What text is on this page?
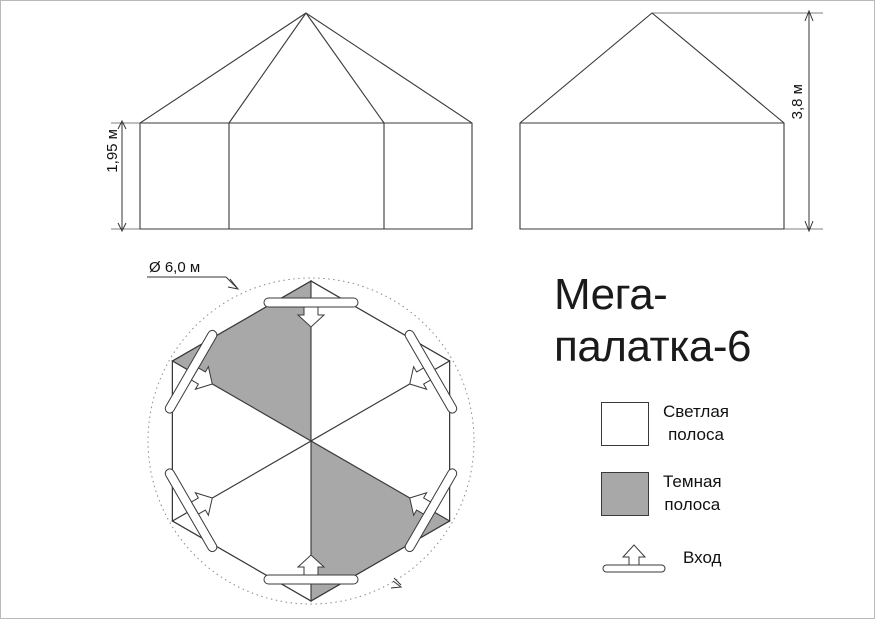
1,95 м
3,8 м
Ø 6,0 м
Мега-
палатка-6
Светлая
полоса
Темная
полоса
Вход
